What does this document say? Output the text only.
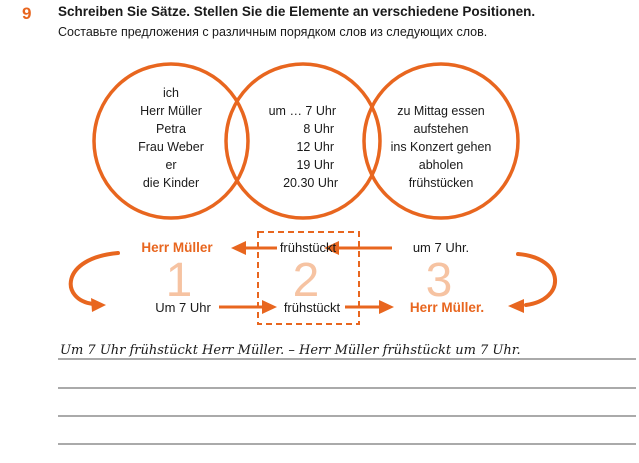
9 Schreiben Sie Sätze. Stellen Sie die Elemente an verschiedene Positionen.
Составьте предложения с различным порядком слов из следующих слов.
ich
Herr Müller
Petra
Frau Weber
er
die Kinder
um … 7 Uhr
8 Uhr
12 Uhr
19 Uhr
20.30 Uhr
zu Mittag essen
aufstehen
ins Konzert gehen
abholen
frühstücken
1 2 3
Herr Müller	frühstückt	um 7 Uhr.
Um 7 Uhr	frühstückt	Herr Müller.
Um 7 Uhr frühstückt Herr Müller. – Herr Müller frühstückt um 7 Uhr.
